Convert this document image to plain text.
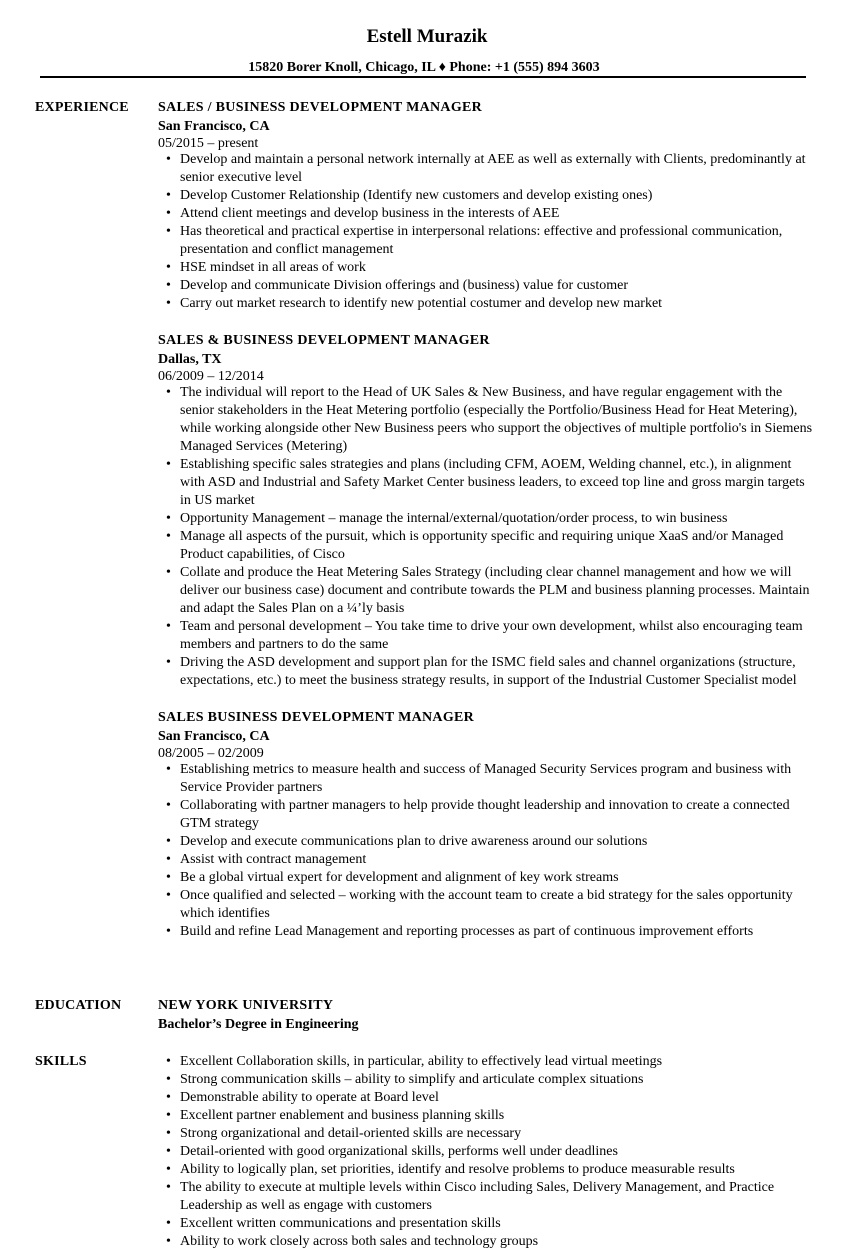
Estell Murazik
15820 Borer Knoll, Chicago, IL ♦ Phone: +1 (555) 894 3603
EXPERIENCE SALES / BUSINESS DEVELOPMENT MANAGER
San Francisco, CA
05/2015 – present
• Develop and maintain a personal network internally at AEE as well as externally with Clients, predominantly at senior executive level
• Develop Customer Relationship (Identify new customers and develop existing ones)
• Attend client meetings and develop business in the interests of AEE
• Has theoretical and practical expertise in interpersonal relations: effective and professional communication, presentation and conflict management
• HSE mindset in all areas of work
• Develop and communicate Division offerings and (business) value for customer
• Carry out market research to identify new potential costumer and develop new market
SALES & BUSINESS DEVELOPMENT MANAGER
Dallas, TX
06/2009 – 12/2014
• The individual will report to the Head of UK Sales & New Business, and have regular engagement with the senior stakeholders in the Heat Metering portfolio (especially the Portfolio/Business Head for Heat Metering), while working alongside other New Business peers who support the objectives of multiple portfolio's in Siemens Managed Services (Metering)
• Establishing specific sales strategies and plans (including CFM, AOEM, Welding channel, etc.), in alignment with ASD and Industrial and Safety Market Center business leaders, to exceed top line and gross margin targets in US market
• Opportunity Management – manage the internal/external/quotation/order process, to win business
• Manage all aspects of the pursuit, which is opportunity specific and requiring unique XaaS and/or Managed Product capabilities, of Cisco
• Collate and produce the Heat Metering Sales Strategy (including clear channel management and how we will deliver our business case) document and contribute towards the PLM and business planning processes. Maintain and adapt the Sales Plan on a ¼’ly basis
• Team and personal development – You take time to drive your own development, whilst also encouraging team members and partners to do the same
• Driving the ASD development and support plan for the ISMC field sales and channel organizations (structure, expectations, etc.) to meet the business strategy results, in support of the Industrial Customer Specialist model
SALES BUSINESS DEVELOPMENT MANAGER
San Francisco, CA
08/2005 – 02/2009
• Establishing metrics to measure health and success of Managed Security Services program and business with Service Provider partners
• Collaborating with partner managers to help provide thought leadership and innovation to create a connected GTM strategy
• Develop and execute communications plan to drive awareness around our solutions
• Assist with contract management
• Be a global virtual expert for development and alignment of key work streams
• Once qualified and selected – working with the account team to create a bid strategy for the sales opportunity which identifies
• Build and refine Lead Management and reporting processes as part of continuous improvement efforts
EDUCATION	NEW YORK UNIVERSITY
Bachelor’s Degree in Engineering
SKILLS
•	Excellent Collaboration skills, in particular, ability to effectively lead virtual meetings
• Strong communication skills – ability to simplify and articulate complex situations
• Demonstrable ability to operate at Board level
• Excellent partner enablement and business planning skills
• Strong organizational and detail-oriented skills are necessary
• Detail-oriented with good organizational skills, performs well under deadlines
• Ability to logically plan, set priorities, identify and resolve problems to produce measurable results
• The ability to execute at multiple levels within Cisco including Sales, Delivery Management, and Practice Leadership as well as engage with customers
• Excellent written communications and presentation skills
• Ability to work closely across both sales and technology groups
